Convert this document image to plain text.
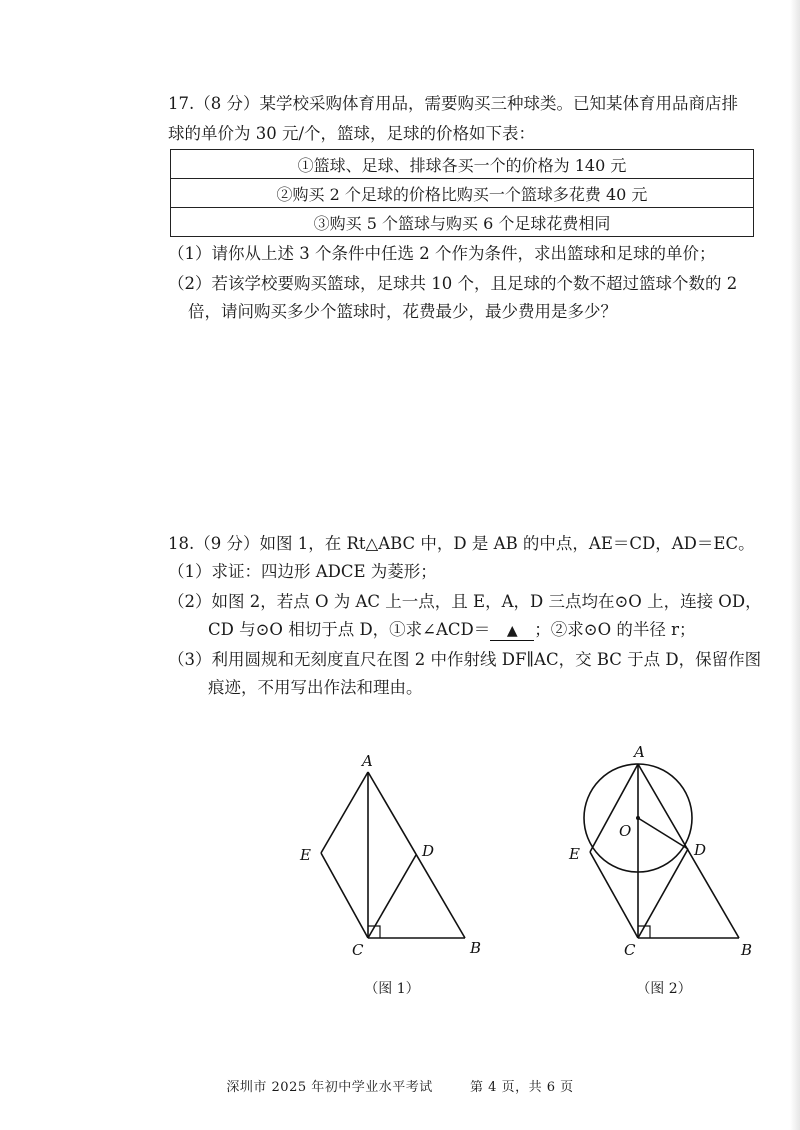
17.（8 分）某学校采购体育用品，需要购买三种球类。已知某体育用品商店排
球的单价为 30 元/个，篮球，足球的价格如下表：
①篮球、足球、排球各买一个的价格为 140 元
②购买 2 个足球的价格比购买一个篮球多花费 40 元
③购买 5 个篮球与购买 6 个足球花费相同
（1）请你从上述 3 个条件中任选 2 个作为条件，求出篮球和足球的单价；
（2）若该学校要购买篮球，足球共 10 个，且足球的个数不超过篮球个数的 2
倍，请问购买多少个篮球时，花费最少，最少费用是多少？
18.（9 分）如图 1，在 Rt△ABC 中，D 是 AB 的中点，AE＝CD，AD＝EC。
（1）求证：四边形 ADCE 为菱形；
（2）如图 2，若点 O 为 AC 上一点，且 E，A，D 三点均在⊙O 上，连接 OD，
CD 与⊙O 相切于点 D，①求∠ACD＝ ▲ ；②求⊙O 的半径 r；
（3）利用圆规和无刻度直尺在图 2 中作射线 DF∥AC，交 BC 于点 D，保留作图
痕迹，不用写出作法和理由。
A
E	D
C	B
（图 1）
A
O
E	D
C	B
（图 2）
深圳市 2025 年初中学业水平考试	第 4 页，共 6 页
